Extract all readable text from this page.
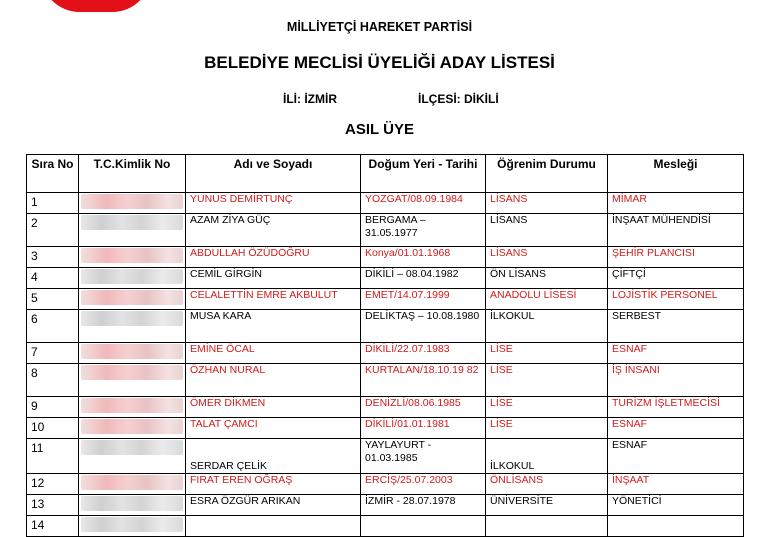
MİLLİYETÇİ HAREKET PARTİSİ
BELEDİYE MECLİSİ ÜYELİĞİ ADAY LİSTESİ
İLİ: İZMİR	İLÇESİ: DİKİLİ
ASIL ÜYE
Sıra No	T.C.Kimlik No	Adı ve Soyadı	Doğum Yeri - Tarihi	Öğrenim Durumu	Mesleği
1		YUNUS DEMİRTUNÇ	YOZGAT/08.09.1984	LİSANS	MİMAR
2		AZAM ZİYA GÜÇ	BERGAMA – 31.05.1977	LİSANS	İNŞAAT MÜHENDİSİ
3		ABDULLAH ÖZÜDOĞRU	Konya/01.01.1968	LİSANS	ŞEHİR PLANCISI
4		CEMİL GİRGİN	DİKİLİ – 08.04.1982	ÖN LİSANS	ÇİFTÇİ
5		CELALETTİN EMRE AKBULUT	EMET/14.07.1999	ANADOLU LİSESİ	LOJİSTİK PERSONEL
6		MUSA KARA	DELİKTAŞ – 10.08.1980	İLKOKUL	SERBEST
7		EMİNE ÖCAL	DİKİLİ/22.07.1983	LİSE	ESNAF
8		ÖZHAN NURAL	KURTALAN/18.10.19 82	LİSE	İŞ İNSANI
9		ÖMER DİKMEN	DENİZLİ/08.06.1985	LİSE	TURİZM İŞLETMECİSİ
10		TALAT ÇAMCI	DİKİLİ/01.01.1981	LİSE	ESNAF
11		SERDAR ÇELİK	YAYLAYURT - 01.03.1985	İLKOKUL	ESNAF
12		FIRAT EREN OĞRAŞ	ERCİŞ/25.07.2003	ÖNLİSANS	İNŞAAT
13		ESRA ÖZGÜR ARIKAN	İZMİR - 28.07.1978	ÜNİVERSİTE	YÖNETİCİ
14	
